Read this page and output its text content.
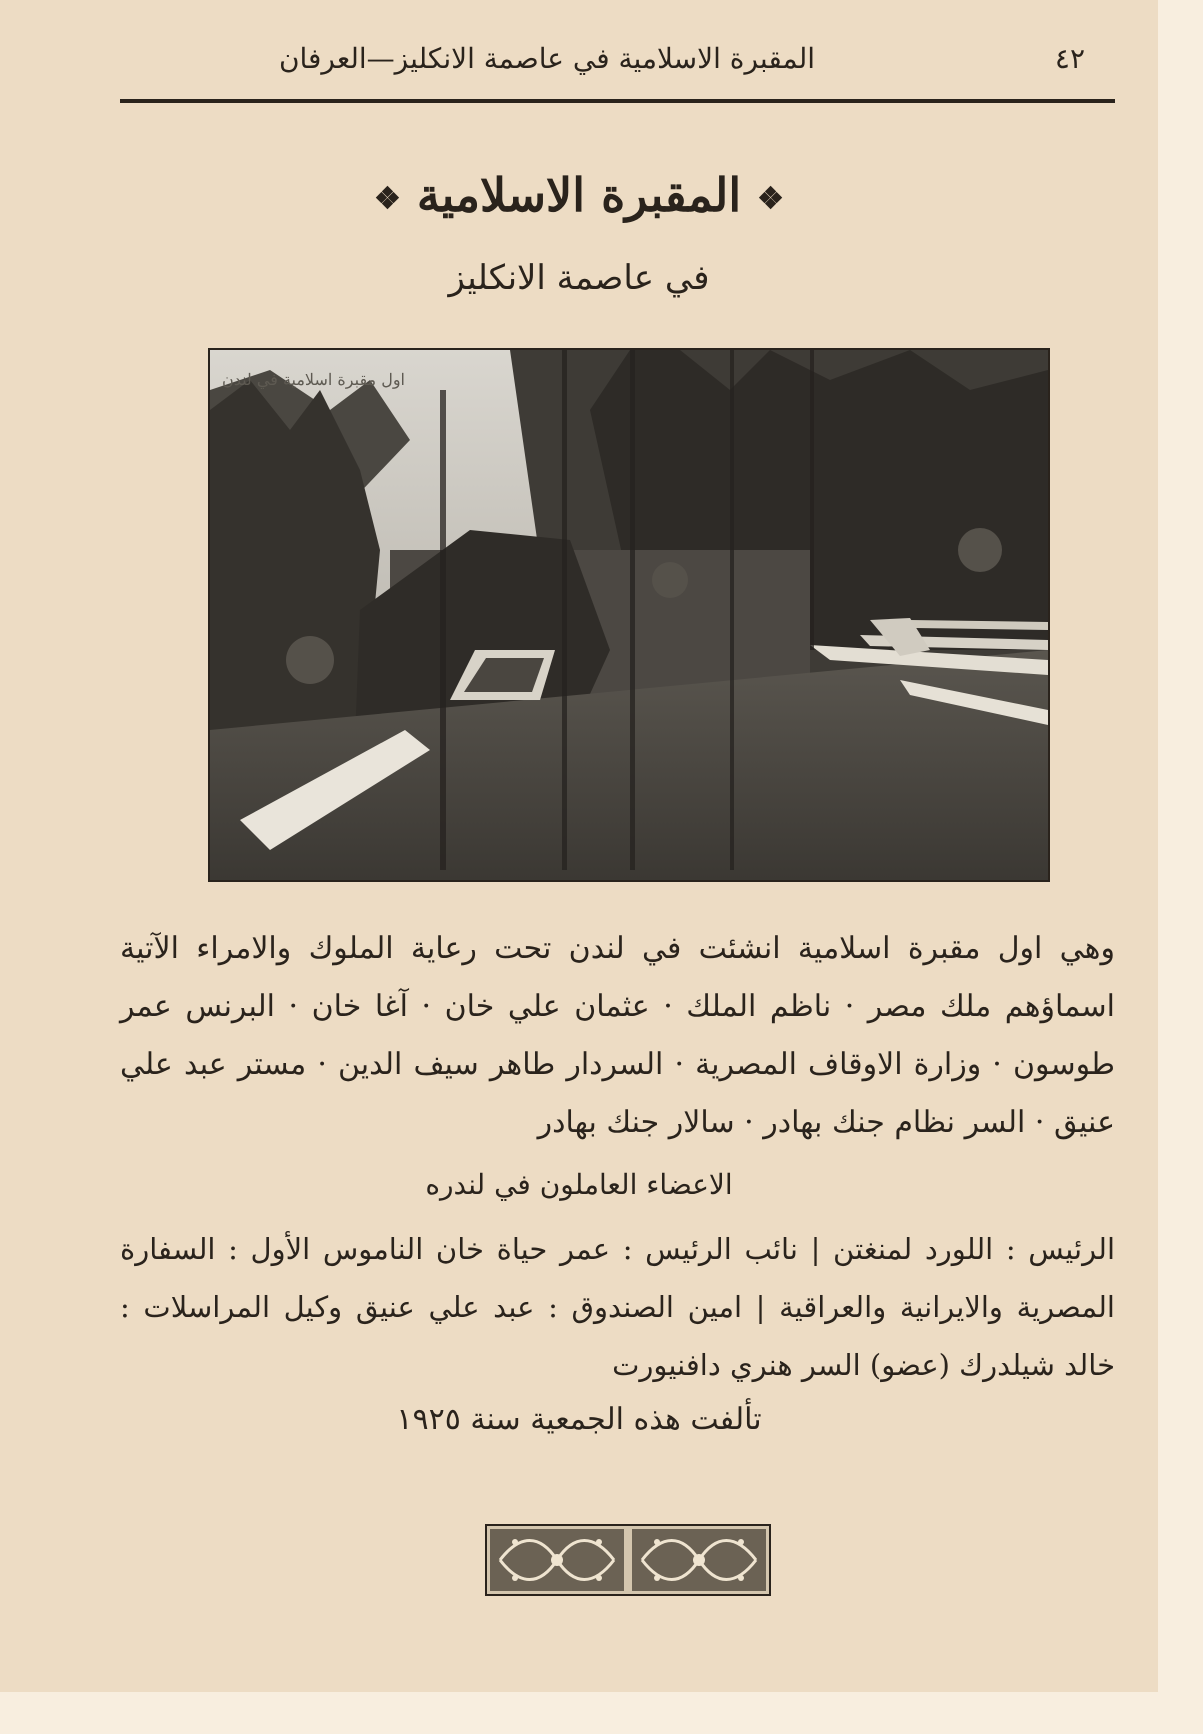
٤٢
المقبرة الاسلامية في عاصمة الانكليز—العرفان
❖ المقبرة الاسلامية ❖
في عاصمة الانكليز
اول مقبرة اسلامية في لندن
وهي اول مقبرة اسلامية انشئت في لندن تحت رعاية الملوك والامراء الآتية اسماؤهم ملك مصر · ناظم الملك · عثمان علي خان · آغا خان · البرنس عمر طوسون · وزارة الاوقاف المصرية · السردار طاهر سيف الدين · مستر عبد علي عنيق · السر نظام جنك بهادر · سالار جنك بهادر
الاعضاء العاملون في لندره
الرئيس : اللورد لمنغتن | نائب الرئيس : عمر حياة خان الناموس الأول : السفارة المصرية والايرانية والعراقية | امين الصندوق : عبد علي عنيق وكيل المراسلات : خالد شيلدرك (عضو) السر هنري دافنيورت
تألفت هذه الجمعية سنة ١٩٢٥
